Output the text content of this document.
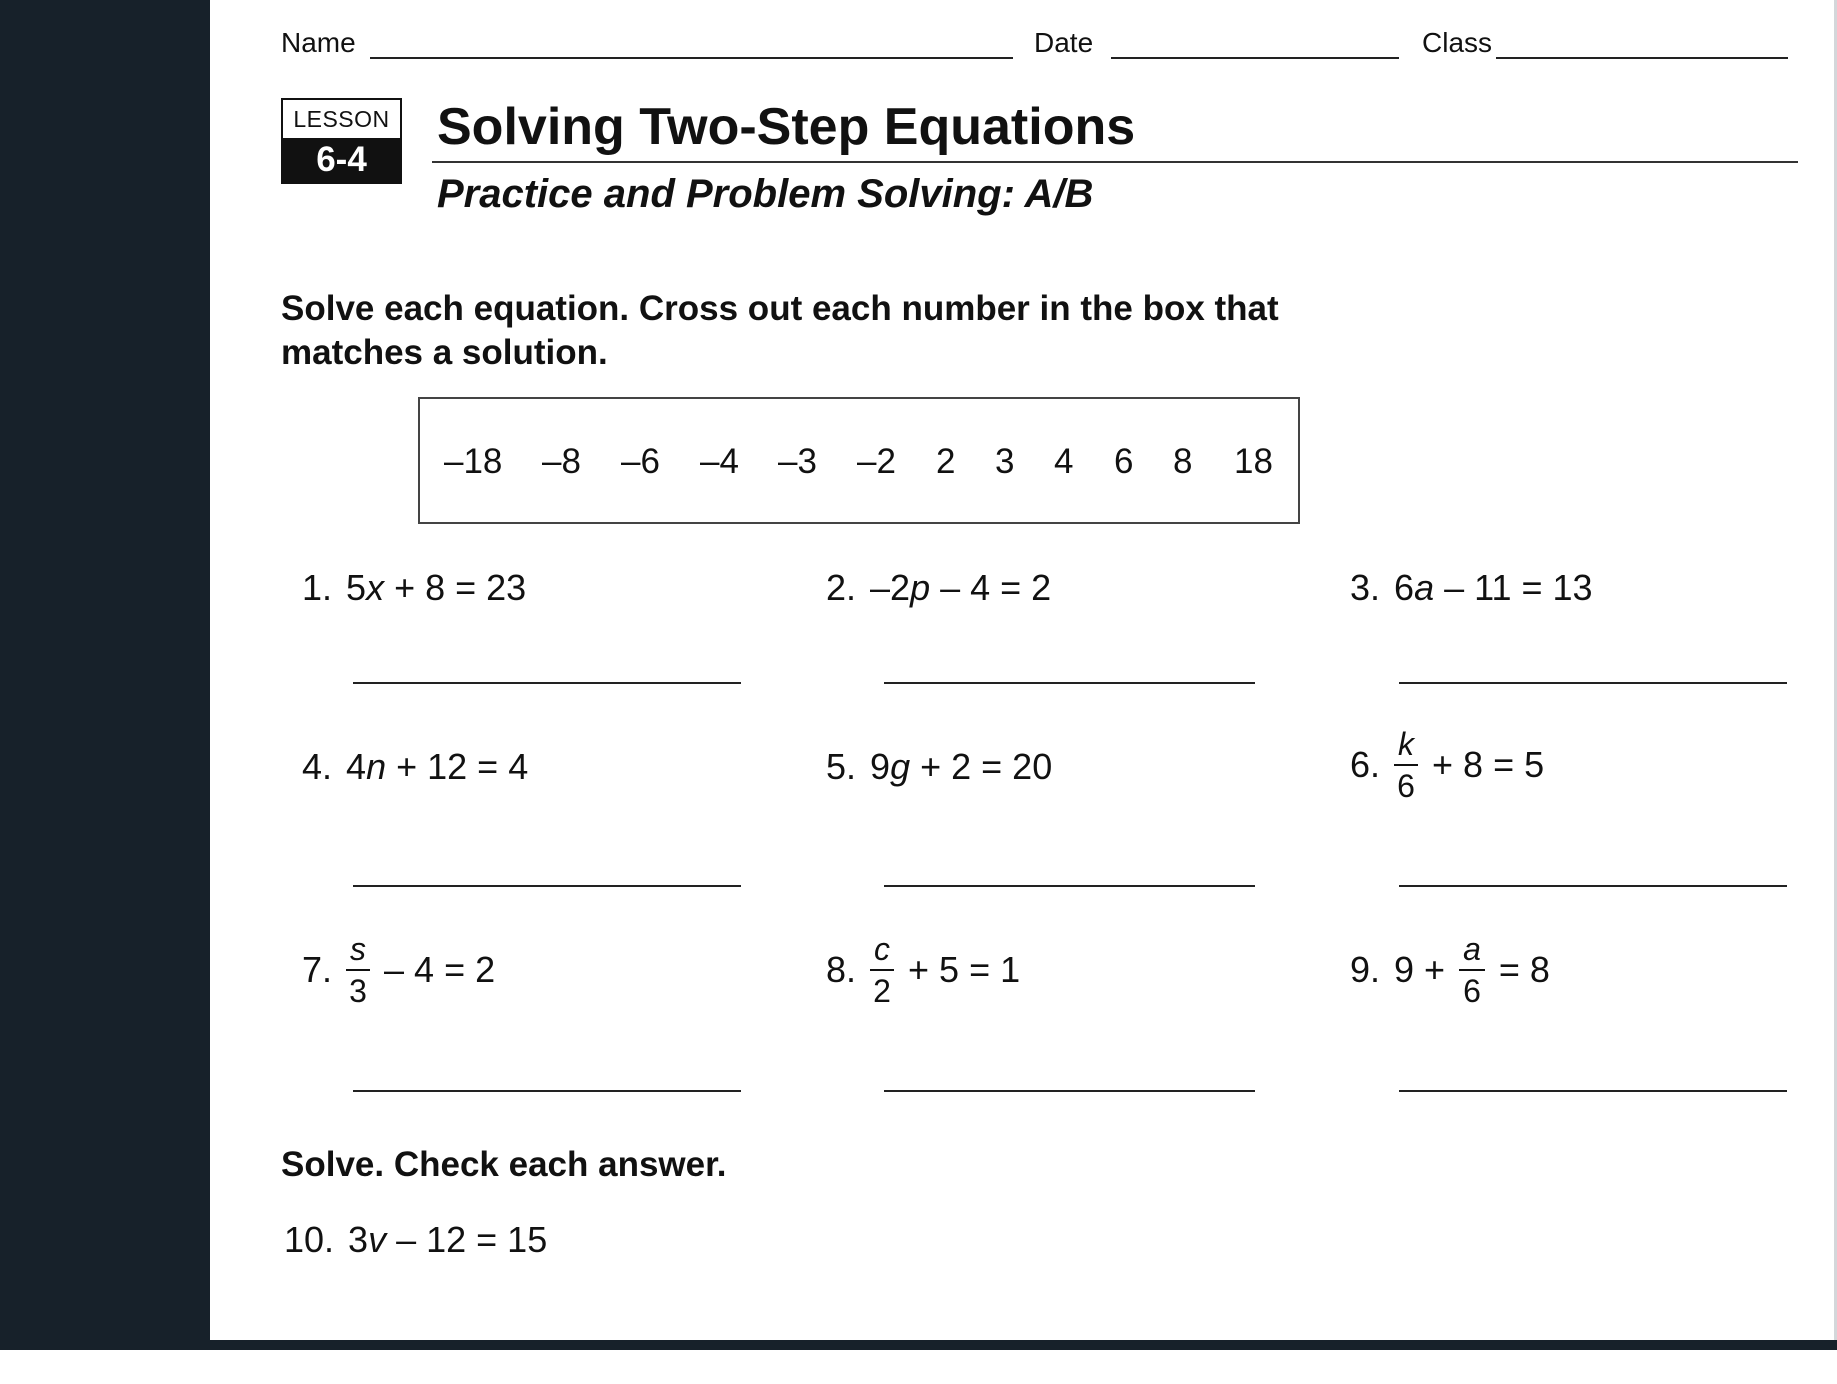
Name	Date	Class
LESSON
6-4
Solving Two-Step Equations
Practice and Problem Solving: A/B
Solve each equation. Cross out each number in the box that
matches a solution.
–18 –8 –6 –4 –3 –2 2 3 4 6 8 18
1. 5x + 8 = 23	2. –2p – 4 = 2	3. 6a – 11 = 13
4. 4n + 12 = 4	5. 9g + 2 = 20	6. $\frac{k}{6} + 8 = 5$
7. $\frac{s}{3} - 4 = 2$	8. $\frac{c}{2} + 5 = 1$	9. $9 + \frac{a}{6} = 8$
Solve. Check each answer.
10. 3v – 12 = 15
